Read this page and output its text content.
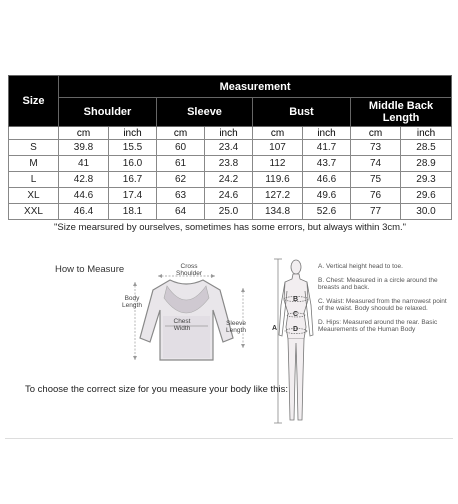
Size	Measurement							
	Shoulder		Sleeve		Bust		Middle Back Length	
	cm	inch	cm	inch	cm	inch	cm	inch
S	39.8	15.5	60	23.4	107	41.7	73	28.5
M	41	16.0	61	23.8	112	43.7	74	28.9
L	42.8	16.7	62	24.2	119.6	46.6	75	29.3
XL	44.6	17.4	63	24.6	127.2	49.6	76	29.6
XXL	46.4	18.1	64	25.0	134.8	52.6	77	30.0
"Size mearsured by ourselves, sometimes has some errors, but always within 3cm."								
How to Measure	Cross Shoulder
Body Length
Chest Width
Sleeve Length	A
B
C
D

A. Vertical height head to toe.

B. Chest: Measured in a circle around the breasts and back.

C. Waist: Measured from the narrowest point of the waist. Body shoould be relaxed.

D. Hips: Measured around the rear. Basic Meaurements of the Human Body

To choose the correct size for you measure your body like this:
